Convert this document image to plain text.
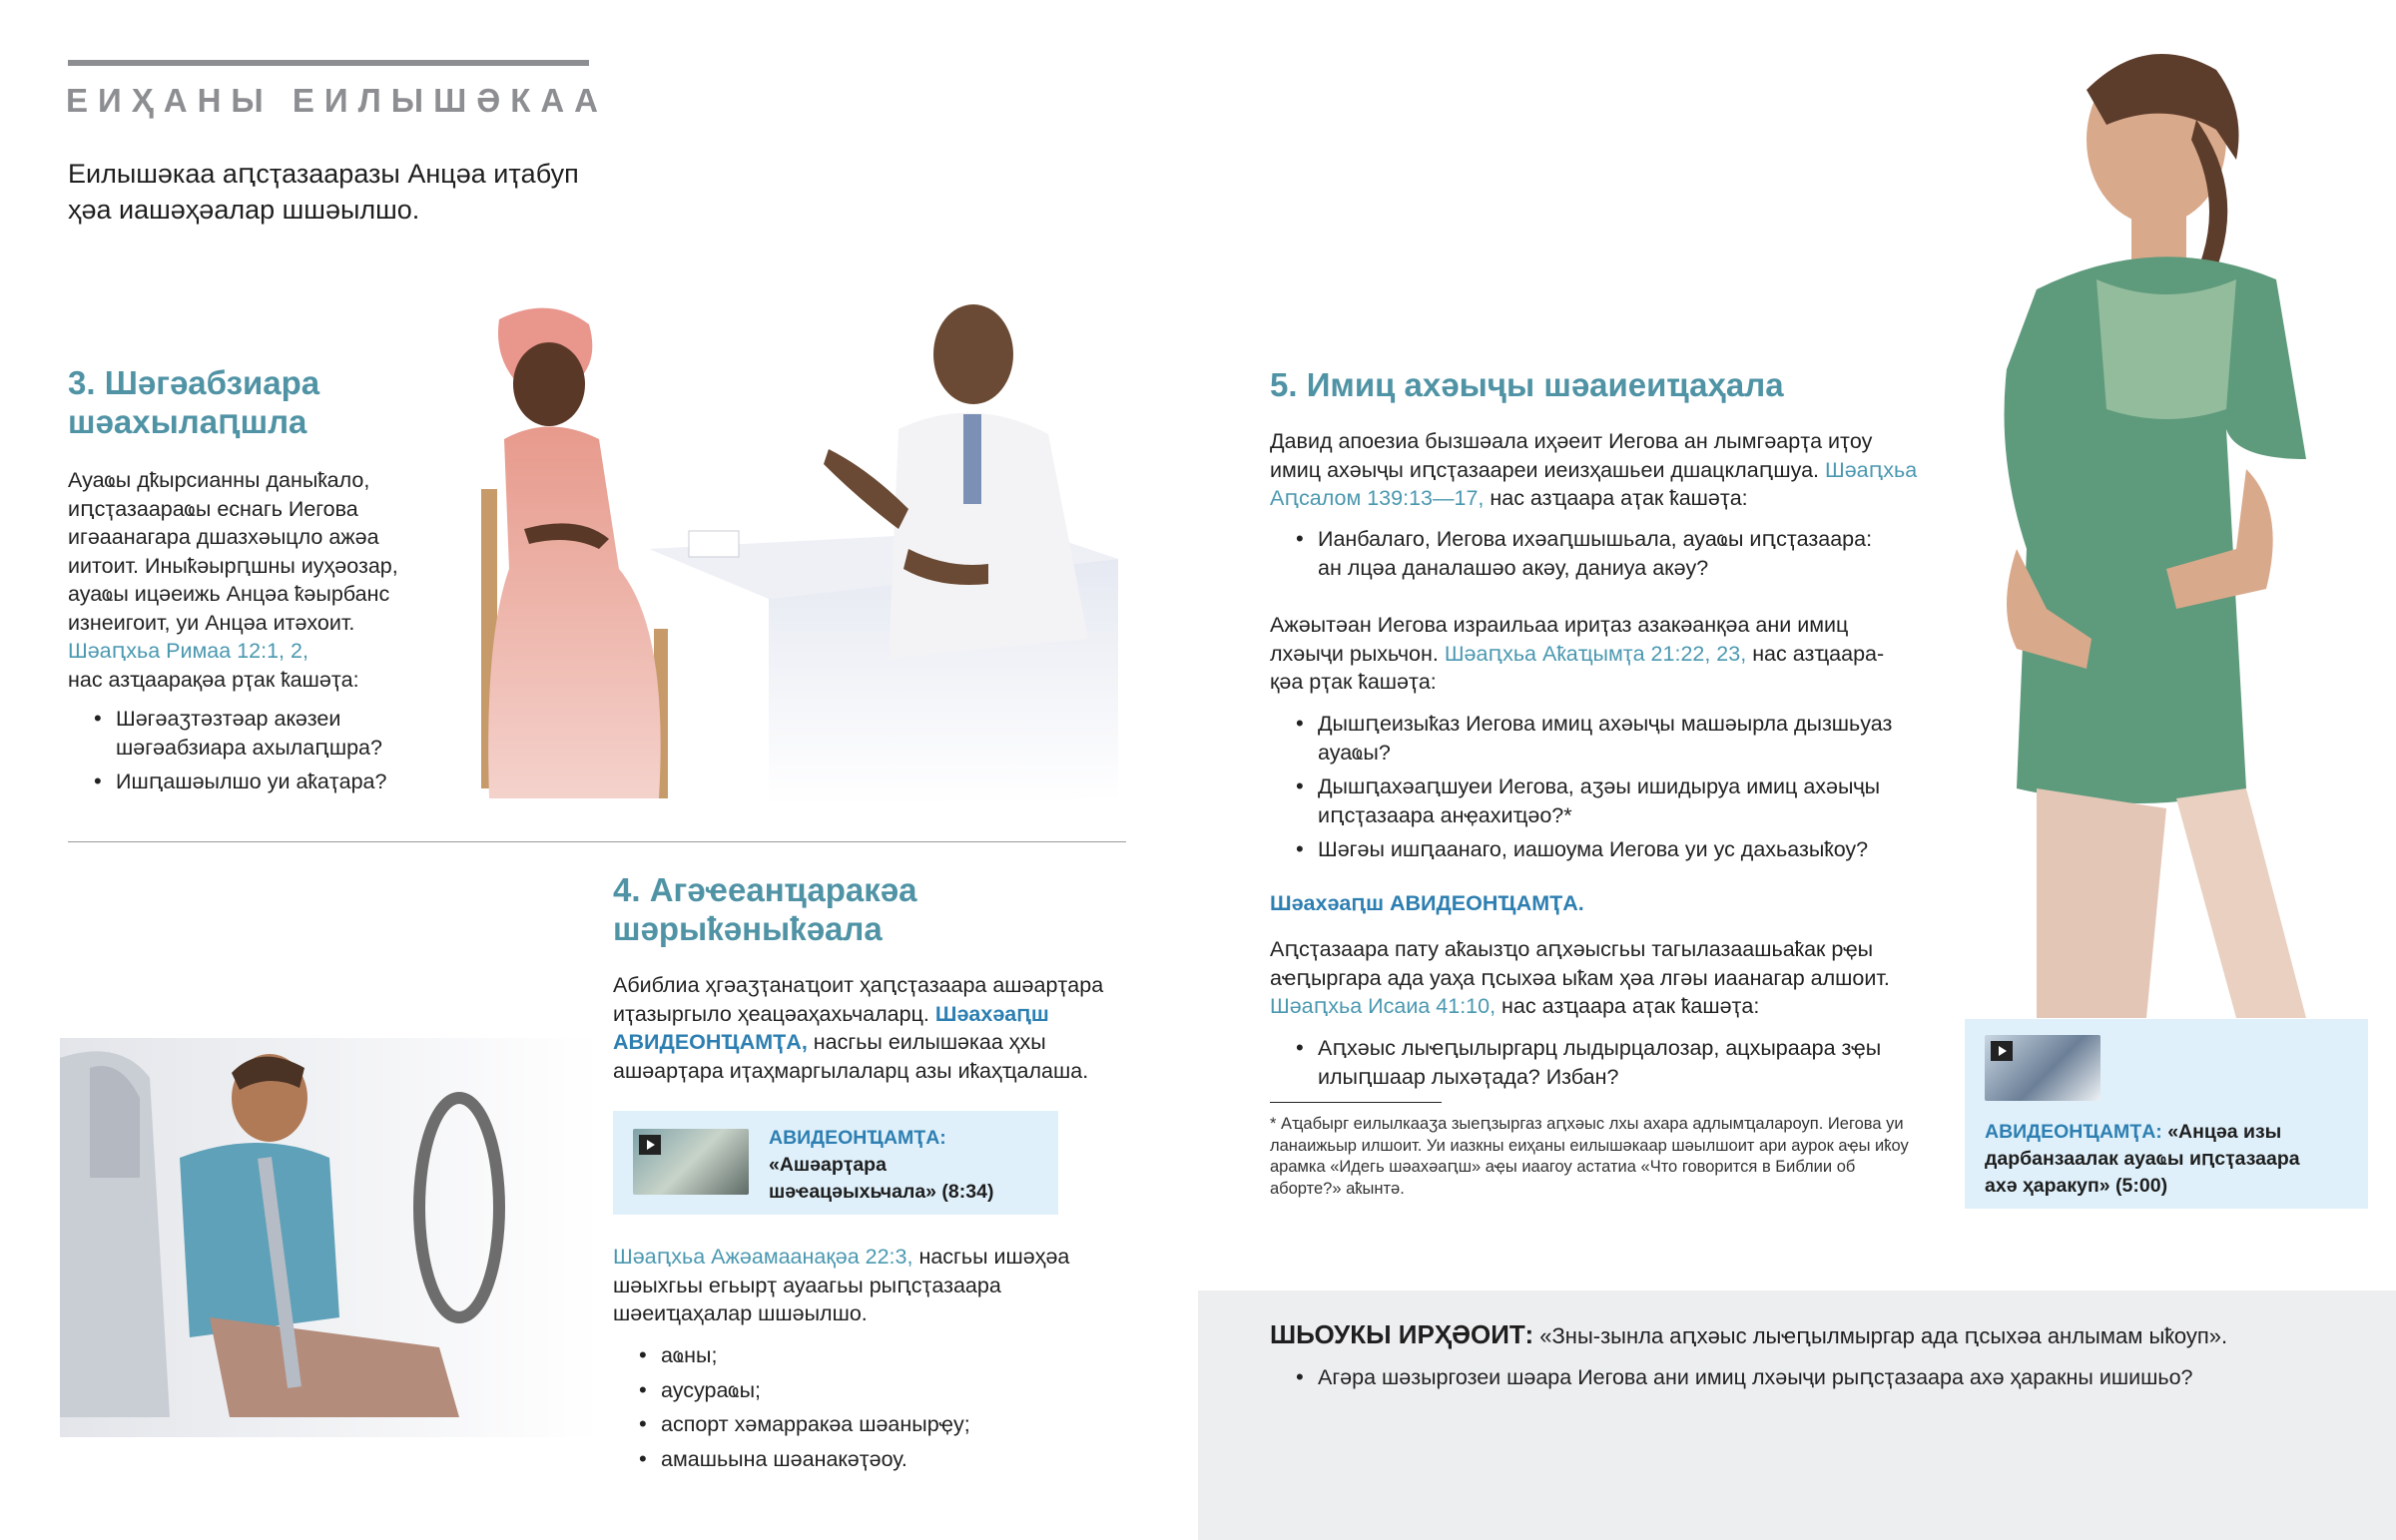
ЕИҲАНЫ ЕИЛЫШӘКАА
Еилышәкаа аԥсҭазааразы Анцәа иҭабуп
ҳәа иашәҳәалар шшәылшо.
3. Шәгәабзиара
шәахылаԥшла
Ауаҩы дҟырсианны даныҟало,
иԥсҭазаараҩы еснагь Иегова
игәаанагара дшазхәыцло ажәа
иитоит. Иныҟәырԥшны иуҳәозар,
ауаҩы ицәеижь Анцәа ҟәырбанс
изнеигоит, уи Анцәа итәхоит.
Шәаԥхьа Римаа 12:1, 2,
нас азҵаарақәа рҭак ҟашәҭа:
• Шәгәаӡтәзтәар акәзеи шәгәабзиара ахылаԥшра?
• Ишԥашәылшо уи аҟаҭара?
4. Агәҽеанҵаракәа
шәрыҟәныҟәала
Абиблиа ҳгәаӡҭанаҵоит ҳаԥсҭазаара ашәарҭара иҭазыргыло ҳеацәаҳахьчаларц. Шәахәаԥш АВИДЕОНҴАМҬА, насгьы еилышәкаа ҳхы ашәарҭара иҭаҳмаргылаларц азы иҟаҳҵалаша.
АВИДЕОНҴАМҬА:
«Ашәарҭара
шәҽацәыхьчала» (8:34)
Шәаԥхьа Ажәамаанақәа 22:3, насгьы ишәҳәа шәыхгьы егьырҭ ауаагьы рыԥсҭазаара шәеиҵаҳалар шшәылшо.
• аҩны;
• аусураҩы;
• аспорт хәмарракәа шәанырҿу;
• амашьына шәанакәҭәоу.
5. Имиц ахәыҷы шәаиеиҵаҳала
Давид апоезиа бызшәала иҳәеит Иегова ан лымгәарҭа иҭоу имиц ахәыҷы иԥсҭазаареи иеизҳашьеи дшацклаԥшуа. Шәаԥхьа Аԥсалом 139:13—17, нас азҵаара аҭак ҟашәҭа:
• Ианбалаго, Иегова ихәаԥшышьала, ауаҩы иԥсҭазаара:
ан лцәа даналашәо акәу, даниуа акәу?
Ажәытәан Иегова израильаа ириҭаз азакәанқәа ани имиц лхәыҷи рыхьчон. Шәаԥхьа Аҟаҵымҭа 21:22, 23, нас азҵаара-қәа рҭак ҟашәҭа:
• Дышԥеизыҟаз Иегова имиц ахәыҷы машәырла дызшьуаз ауаҩы?
• Дышԥахәаԥшуеи Иегова, аӡәы ишидыруа имиц ахәыҷы иԥсҭазаара анҿахиҵәо?*
• Шәгәы ишԥаанаго, иашоума Иегова уи ус дахьазыҟоу?
Шәахәаԥш АВИДЕОНҴАМҬА.
Аԥсҭазаара пату аҟаызҵо аԥхәысгьы тагылазаашьаҟак рҿы аҽԥыргара ада уаҳа ԥсыхәа ыҟам ҳәа лгәы иаанагар алшоит. Шәаԥхьа Исаиа 41:10, нас азҵаара аҭак ҟашәҭа:
• Аԥхәыс лыҽԥылыргарц лыдырцалозар, ацхыраара зҿы
илыԥшаар лыхәҭада? Избан?
* Аҵабырг еилылкааӡа зыеԥзыргаз аԥхәыс лхы ахара адлымҵалароуп. Иегова уи ланаижьыр илшоит. Уи иазкны еиҳаны еилышәкаар шәылшоит ари аурок аҿы иҟоу арамка «Идегь шәахәаԥш» аҿы иаагоу астатиа «Что говорится в Библии об аборте?» аҟынтә.
АВИДЕОНҴАМҬА: «Анцәа изы
дарбанзаалак ауаҩы иԥсҭазаара
ахә ҳаракуп» (5:00)
ШЬОУКЫ ИРҲӘОИТ: «Зны-зынла аԥхәыс лыҽԥылмыргар ада ԥсыхәа анлымам ыҟоуп».
• Агәра шәзыргозеи шәара Иегова ани имиц лхәыҷи рыԥсҭазаара ахә ҳаракны ишишьо?
